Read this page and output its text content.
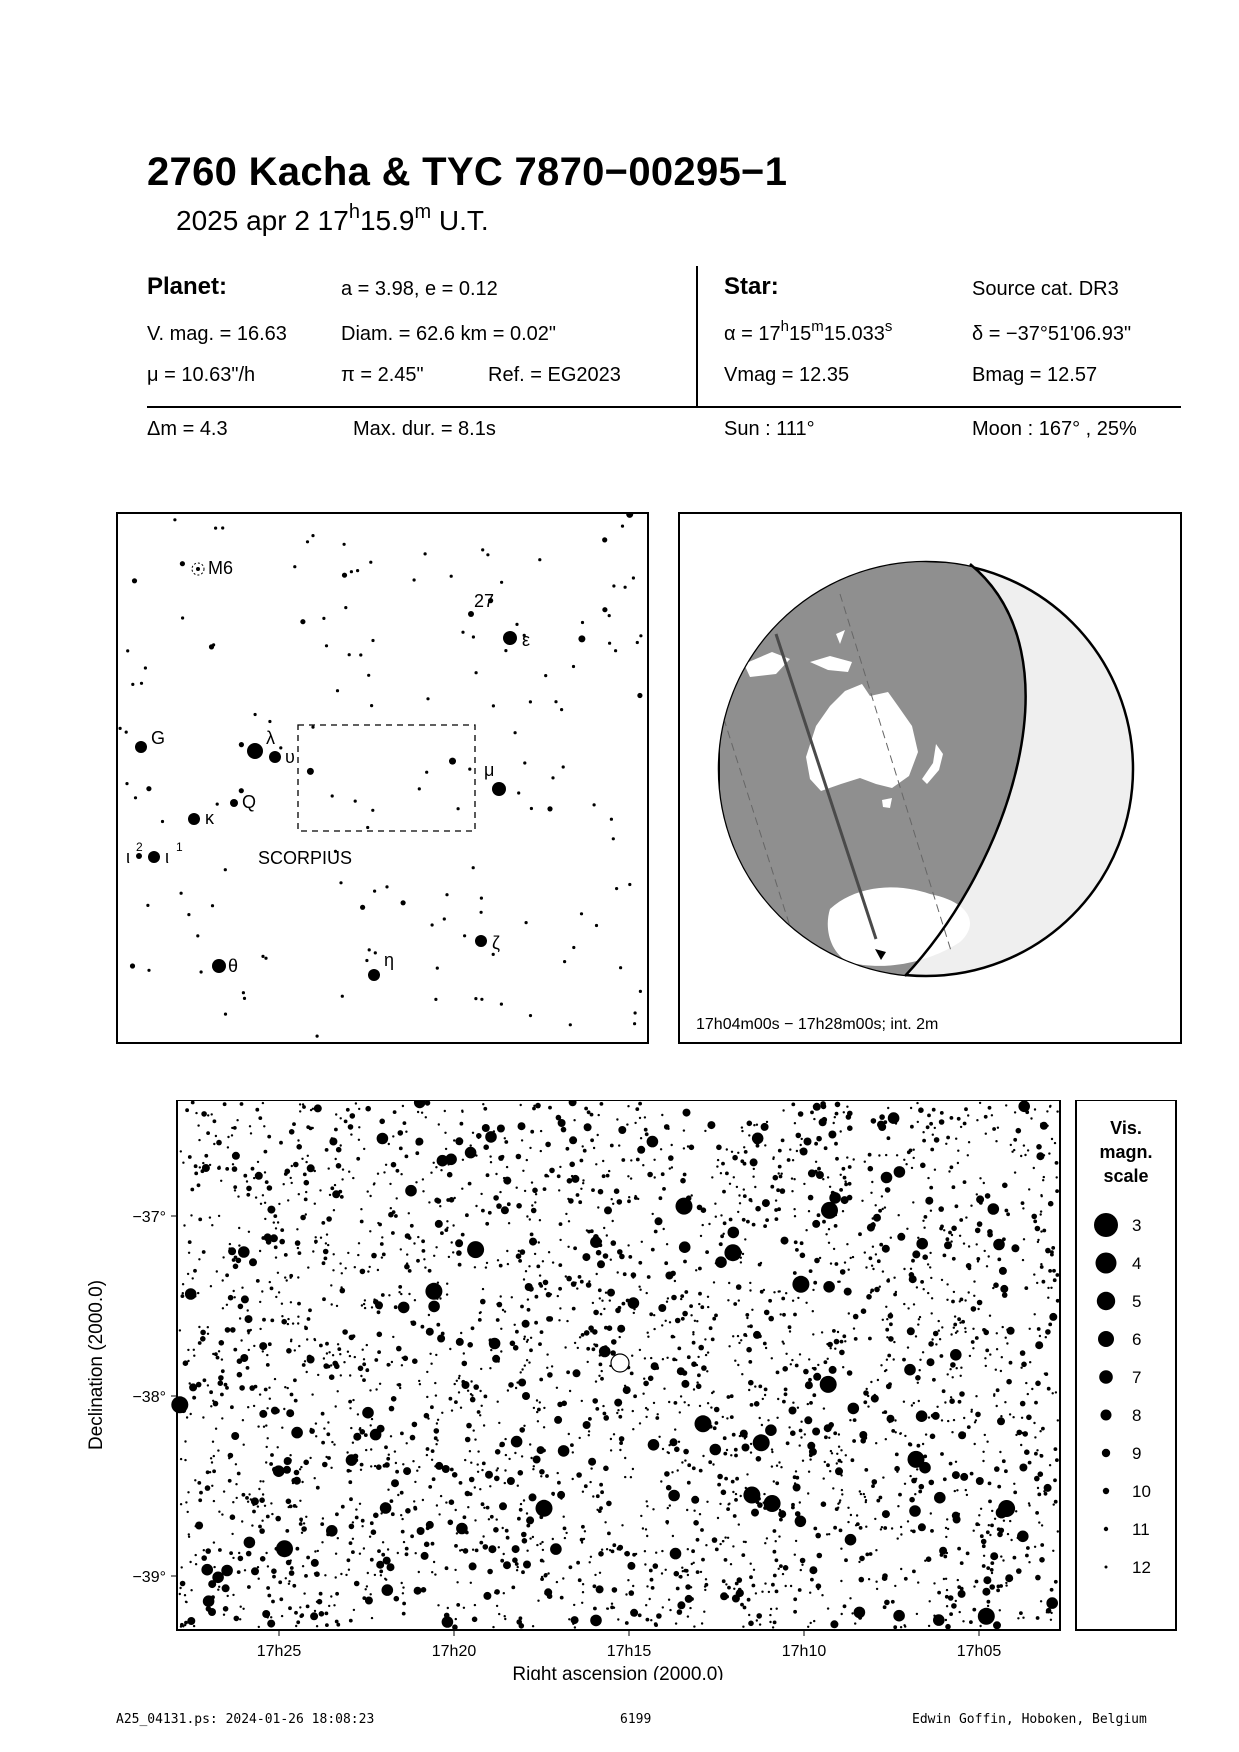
2760 Kacha & TYC 7870−00295−1
2025 apr 2 17$^h$15.9$^m$ U.T.
Planet:	a = 3.98, e = 0.12
V. mag. = 16.63	Diam. = 62.6 km = 0.02"
μ = 10.63"/h	π = 2.45"	Ref. = EG2023
Star:	Source cat. DR3
$\alpha = 17^h15^m15.033^s$	δ = −37°51'06.93"
Vmag = 12.35	Bmag = 12.57
Δm = 4.3	Max. dur. = 8.1s	Sun : 111°	Moon : 167° , 25%
M6
ε
27
G	λ
υ
μ
Q
κ
ι 2 ι 1
ζ
θ	η
SCORPIUS
17h04m00s − 17h28m00s; int. 2m
−37°
−38°
−39°
17h25	17h20	17h15	17h10	17h05
Right ascension (2000.0)
Declination (2000.0)
Vis.
magn.
scale
3
4
5
6
7
8
9
10
11
12
A25_04131.ps: 2024-01-26 18:08:23	6199	Edwin Goffin, Hoboken, Belgium
